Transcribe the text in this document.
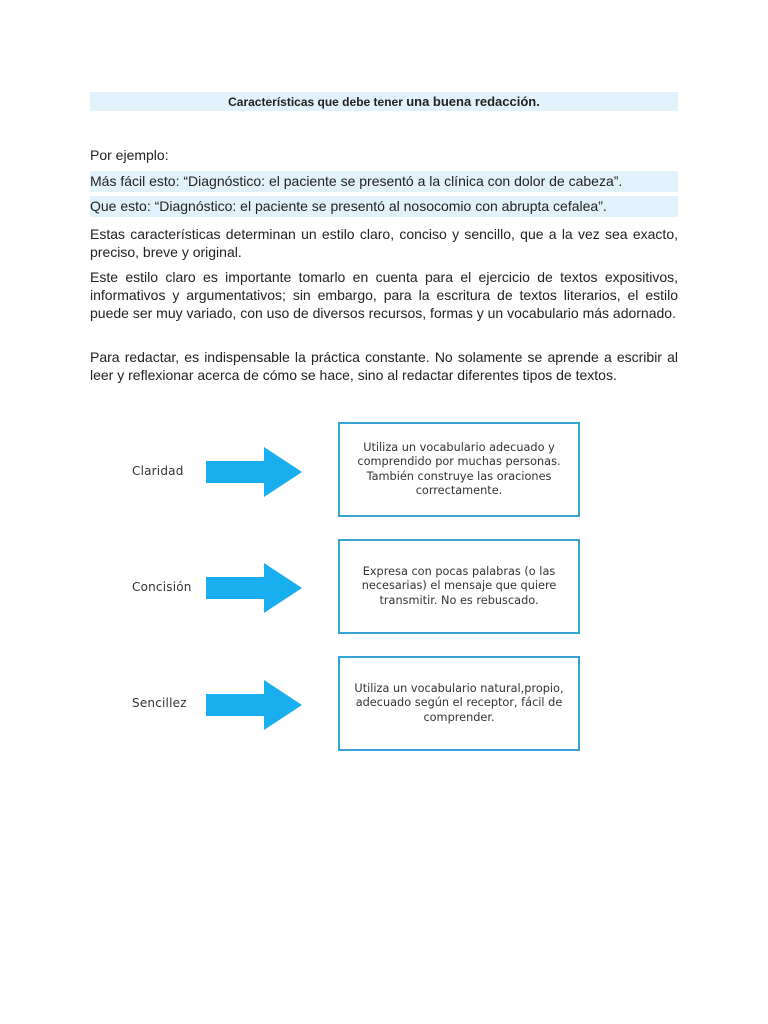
Características que debe tener una buena redacción.
Por ejemplo:
Más fácil esto: “Diagnóstico: el paciente se presentó a la clínica con dolor de cabeza”.
Que esto: “Diagnóstico: el paciente se presentó al nosocomio con abrupta cefalea”.
Estas características determinan un estilo claro, conciso y sencillo, que a la vez sea exacto, preciso, breve y original.
Este estilo claro es importante tomarlo en cuenta para el ejercicio de textos expositivos, informativos y argumentativos; sin embargo, para la escritura de textos literarios, el estilo puede ser muy variado, con uso de diversos recursos, formas y un vocabulario más adornado.
Para redactar, es indispensable la práctica constante. No solamente se aprende a escribir al leer y reflexionar acerca de cómo se hace, sino al redactar diferentes tipos de textos.
Claridad
Utiliza un vocabulario adecuado y comprendido por muchas personas. También construye las oraciones correctamente.
Concisión
Expresa con pocas palabras (o las necesarias) el mensaje que quiere transmitir. No es rebuscado.
Sencillez
Utiliza un vocabulario natural,propio, adecuado según el receptor, fácil de comprender.
